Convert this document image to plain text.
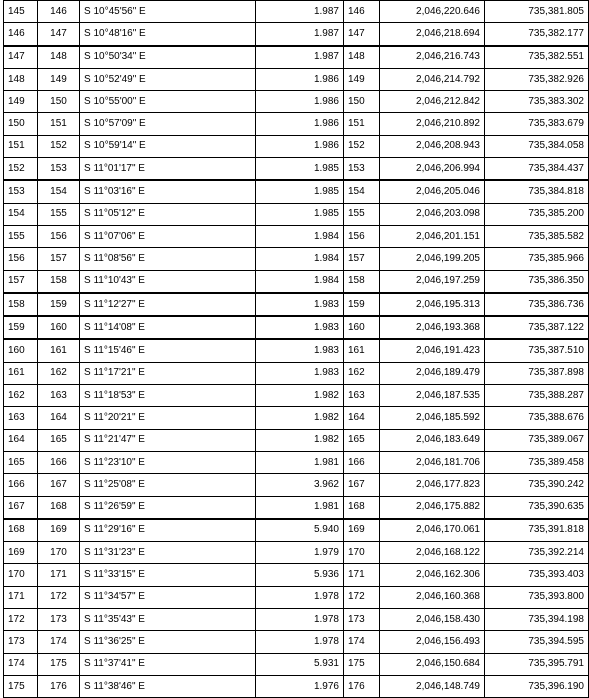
145	146	S 10°45'56" E	1.987	146	2,046,220.646	735,381.805
146	147	S 10°48'16" E	1.987	147	2,046,218.694	735,382.177
147	148	S 10°50'34" E	1.987	148	2,046,216.743	735,382.551
148	149	S 10°52'49" E	1.986	149	2,046,214.792	735,382.926
149	150	S 10°55'00" E	1.986	150	2,046,212.842	735,383.302
150	151	S 10°57'09" E	1.986	151	2,046,210.892	735,383.679
151	152	S 10°59'14" E	1.986	152	2,046,208.943	735,384.058
152	153	S 11°01'17" E	1.985	153	2,046,206.994	735,384.437
153	154	S 11°03'16" E	1.985	154	2,046,205.046	735,384.818
154	155	S 11°05'12" E	1.985	155	2,046,203.098	735,385.200
155	156	S 11°07'06" E	1.984	156	2,046,201.151	735,385.582
156	157	S 11°08'56" E	1.984	157	2,046,199.205	735,385.966
157	158	S 11°10'43" E	1.984	158	2,046,197.259	735,386.350
158	159	S 11°12'27" E	1.983	159	2,046,195.313	735,386.736
159	160	S 11°14'08" E	1.983	160	2,046,193.368	735,387.122
160	161	S 11°15'46" E	1.983	161	2,046,191.423	735,387.510
161	162	S 11°17'21" E	1.983	162	2,046,189.479	735,387.898
162	163	S 11°18'53" E	1.982	163	2,046,187.535	735,388.287
163	164	S 11°20'21" E	1.982	164	2,046,185.592	735,388.676
164	165	S 11°21'47" E	1.982	165	2,046,183.649	735,389.067
165	166	S 11°23'10" E	1.981	166	2,046,181.706	735,389.458
166	167	S 11°25'08" E	3.962	167	2,046,177.823	735,390.242
167	168	S 11°26'59" E	1.981	168	2,046,175.882	735,390.635
168	169	S 11°29'16" E	5.940	169	2,046,170.061	735,391.818
169	170	S 11°31'23" E	1.979	170	2,046,168.122	735,392.214
170	171	S 11°33'15" E	5.936	171	2,046,162.306	735,393.403
171	172	S 11°34'57" E	1.978	172	2,046,160.368	735,393.800
172	173	S 11°35'43" E	1.978	173	2,046,158.430	735,394.198
173	174	S 11°36'25" E	1.978	174	2,046,156.493	735,394.595
174	175	S 11°37'41" E	5.931	175	2,046,150.684	735,395.791
175	176	S 11°38'46" E	1.976	176	2,046,148.749	735,396.190
